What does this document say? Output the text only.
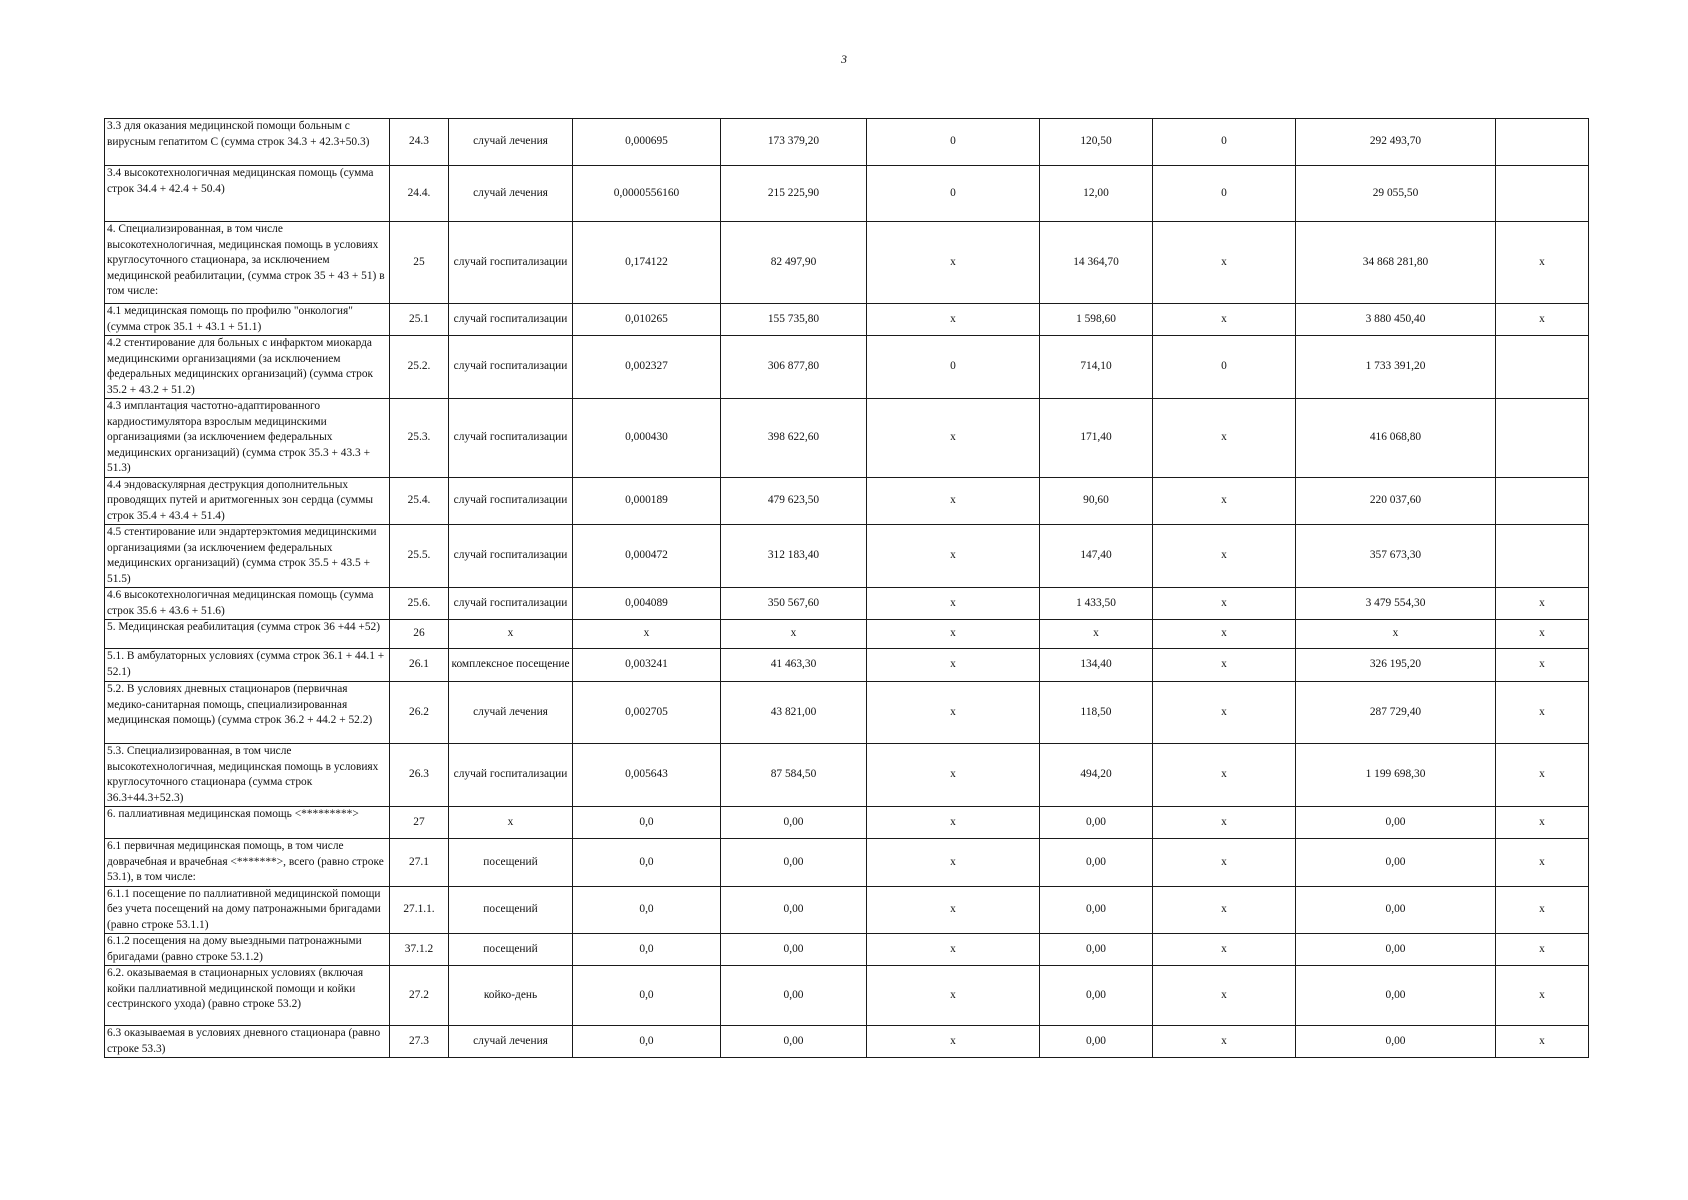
3
3.3 для оказания медицинской помощи больным с вирусным гепатитом С (сумма строк 34.3 + 42.3+50.3)	24.3	случай лечения	0,000695	173 379,20	0	120,50	0	292 493,70	
3.4 высокотехнологичная медицинская помощь (сумма строк 34.4 + 42.4 + 50.4)	24.4.	случай лечения	0,0000556160	215 225,90	0	12,00	0	29 055,50	
4. Специализированная, в том числе высокотехнологичная, медицинская помощь в условиях круглосуточного стационара, за исключением медицинской реабилитации, (сумма строк 35 + 43 + 51) в том числе:	25	случай госпитализации	0,174122	82 497,90	x	14 364,70	x	34 868 281,80	x
4.1 медицинская помощь по профилю "онкология" (сумма строк 35.1 + 43.1 + 51.1)	25.1	случай госпитализации	0,010265	155 735,80	x	1 598,60	x	3 880 450,40	x
4.2 стентирование для больных с инфарктом миокарда медицинскими организациями (за исключением федеральных медицинских организаций) (сумма строк 35.2 + 43.2 + 51.2)	25.2.	случай госпитализации	0,002327	306 877,80	0	714,10	0	1 733 391,20	
4.3 имплантация частотно-адаптированного кардиостимулятора взрослым медицинскими организациями (за исключением федеральных медицинских организаций) (сумма строк 35.3 + 43.3 + 51.3)	25.3.	случай госпитализации	0,000430	398 622,60	x	171,40	x	416 068,80	
4.4 эндоваскулярная деструкция дополнительных проводящих путей и аритмогенных зон сердца (суммы строк 35.4 + 43.4 + 51.4)	25.4.	случай госпитализации	0,000189	479 623,50	x	90,60	x	220 037,60	
4.5 стентирование или эндартерэктомия медицинскими организациями (за исключением федеральных медицинских организаций) (сумма строк 35.5 + 43.5 + 51.5)	25.5.	случай госпитализации	0,000472	312 183,40	x	147,40	x	357 673,30	
4.6 высокотехнологичная медицинская помощь (сумма строк 35.6 + 43.6 + 51.6)	25.6.	случай госпитализации	0,004089	350 567,60	x	1 433,50	x	3 479 554,30	x
5. Медицинская реабилитация (сумма строк 36 +44 +52)	26	x	x	x	x	x	x	x	x
5.1. В амбулаторных условиях (сумма строк 36.1 + 44.1 + 52.1)	26.1	комплексное посещение	0,003241	41 463,30	x	134,40	x	326 195,20	x
5.2. В условиях дневных стационаров (первичная медико-санитарная помощь, специализированная медицинская помощь) (сумма строк 36.2 + 44.2 + 52.2)	26.2	случай лечения	0,002705	43 821,00	x	118,50	x	287 729,40	x
5.3. Специализированная, в том числе высокотехнологичная, медицинская помощь в условиях круглосуточного стационара (сумма строк 36.3+44.3+52.3)	26.3	случай госпитализации	0,005643	87 584,50	x	494,20	x	1 199 698,30	x
6. паллиативная медицинская помощь <*********>	27	x	0,0	0,00	x	0,00	x	0,00	x
6.1 первичная медицинская помощь, в том числе доврачебная и врачебная <*******>, всего (равно строке 53.1), в том числе:	27.1	посещений	0,0	0,00	x	0,00	x	0,00	x
6.1.1 посещение по паллиативной медицинской помощи без учета посещений на дому патронажными бригадами (равно строке 53.1.1)	27.1.1.	посещений	0,0	0,00	x	0,00	x	0,00	x
6.1.2 посещения на дому выездными патронажными бригадами (равно строке 53.1.2)	37.1.2	посещений	0,0	0,00	x	0,00	x	0,00	x
6.2. оказываемая в стационарных условиях (включая койки паллиативной медицинской помощи и койки сестринского ухода) (равно строке 53.2)	27.2	койко-день	0,0	0,00	x	0,00	x	0,00	x
6.3 оказываемая в условиях дневного стационара (равно строке 53.3)	27.3	случай лечения	0,0	0,00	x	0,00	x	0,00	x
